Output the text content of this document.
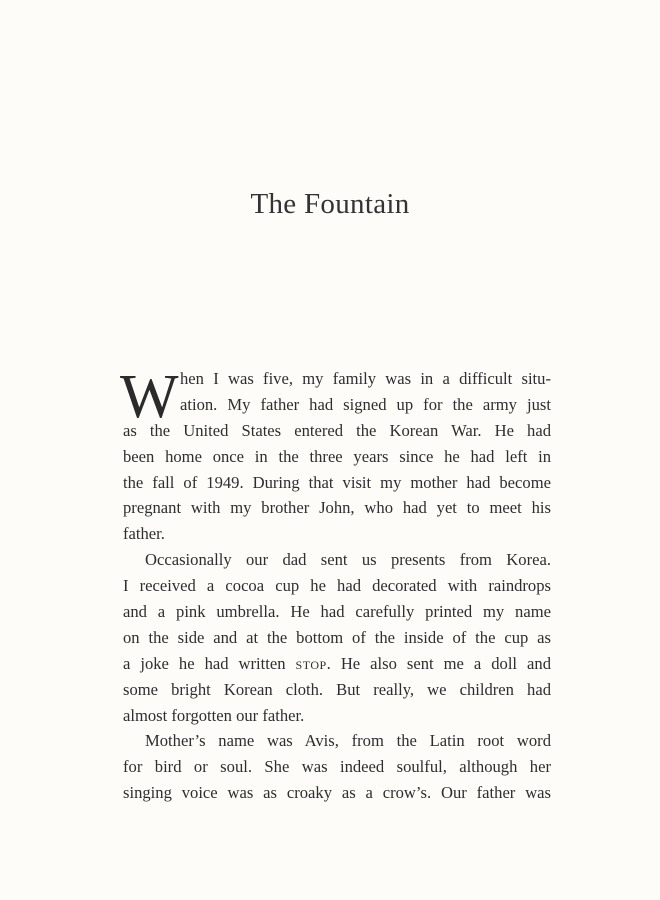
The Fountain
W hen I was five, my family was in a difficult situ-
ation. My father had signed up for the army just
as the United States entered the Korean War. He had
been home once in the three years since he had left in
the fall of 1949. During that visit my mother had become
pregnant with my brother John, who had yet to meet his
father.
Occasionally our dad sent us presents from Korea.
I received a cocoa cup he had decorated with raindrops
and a pink umbrella. He had carefully printed my name
on the side and at the bottom of the inside of the cup as
a joke he had written stop. He also sent me a doll and
some bright Korean cloth. But really, we children had
almost forgotten our father.
Mother’s name was Avis, from the Latin root word
for bird or soul. She was indeed soulful, although her
singing voice was as croaky as a crow’s. Our father was
